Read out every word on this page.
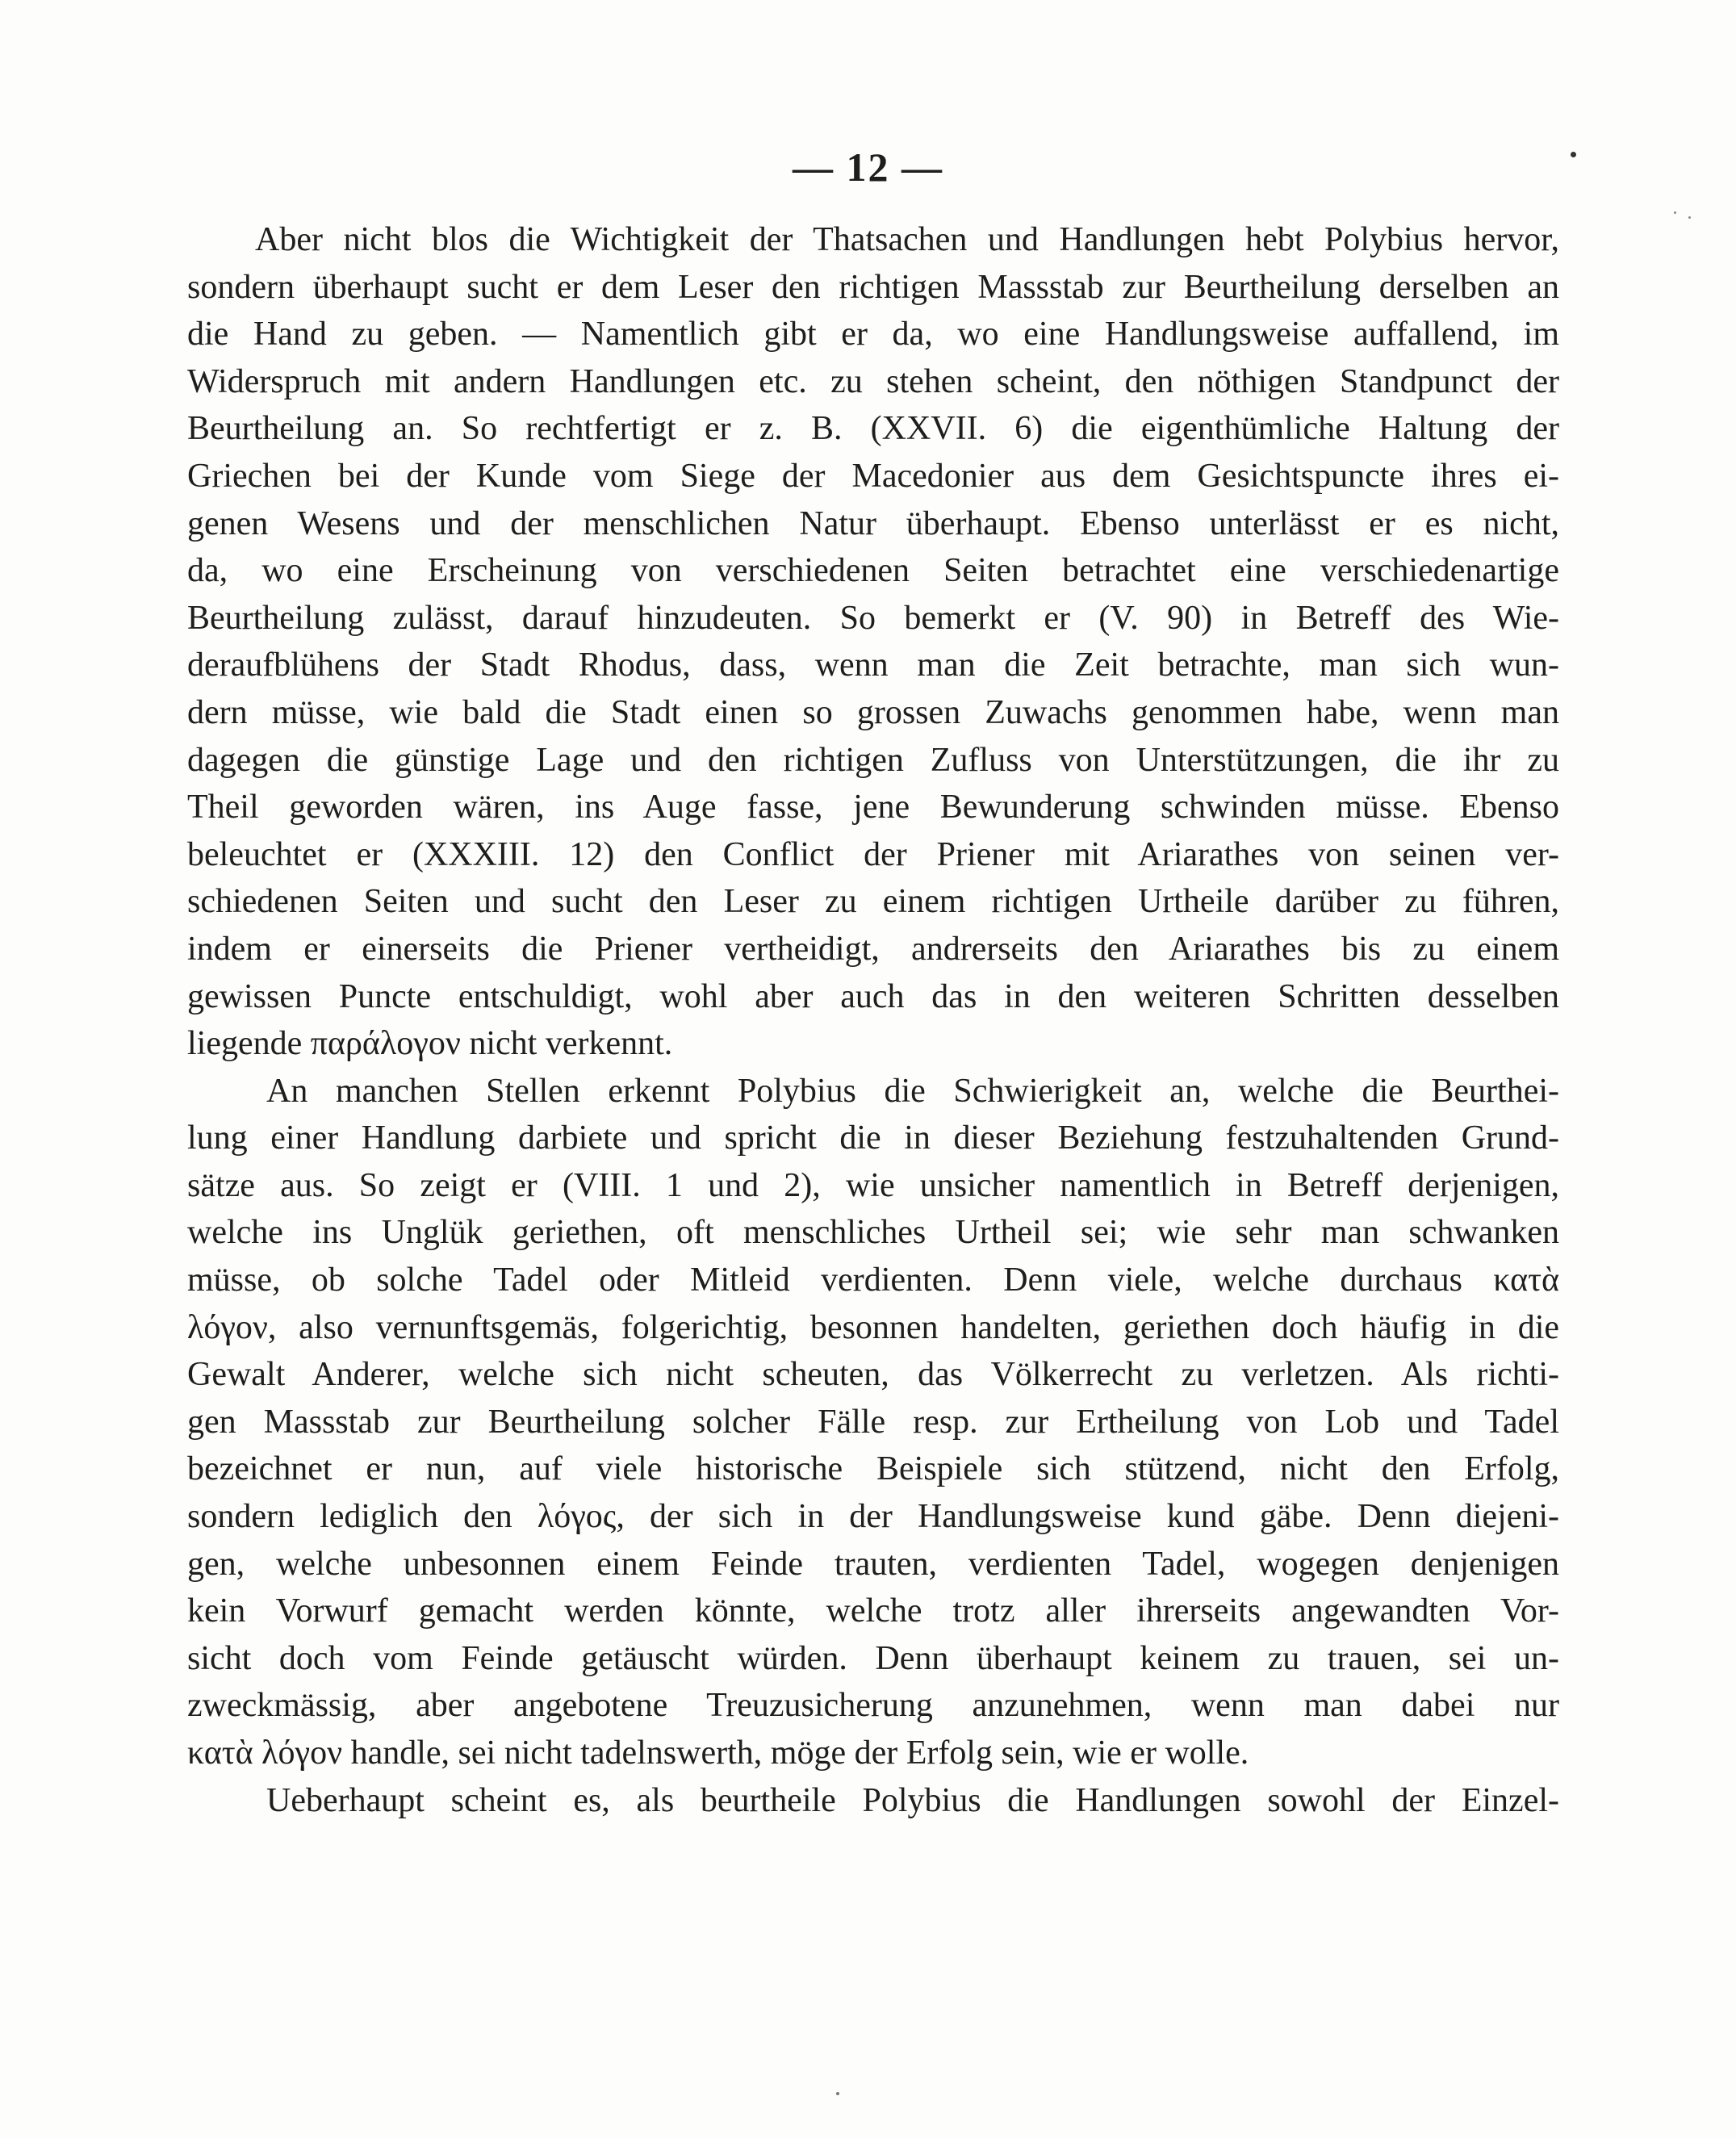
— 12 —
Aber nicht blos die Wichtigkeit der Thatsachen und Handlungen hebt Polybius hervor,
sondern überhaupt sucht er dem Leser den richtigen Massstab zur Beurtheilung derselben an
die Hand zu geben. — Namentlich gibt er da, wo eine Handlungsweise auffallend, im
Widerspruch mit andern Handlungen etc. zu stehen scheint, den nöthigen Standpunct der
Beurtheilung an. So rechtfertigt er z. B. (XXVII. 6) die eigenthümliche Haltung der
Griechen bei der Kunde vom Siege der Macedonier aus dem Gesichtspuncte ihres ei-
genen Wesens und der menschlichen Natur überhaupt. Ebenso unterlässt er es nicht,
da, wo eine Erscheinung von verschiedenen Seiten betrachtet eine verschiedenartige
Beurtheilung zulässt, darauf hinzudeuten. So bemerkt er (V. 90) in Betreff des Wie-
deraufblühens der Stadt Rhodus, dass, wenn man die Zeit betrachte, man sich wun-
dern müsse, wie bald die Stadt einen so grossen Zuwachs genommen habe, wenn man
dagegen die günstige Lage und den richtigen Zufluss von Unterstützungen, die ihr zu
Theil geworden wären, ins Auge fasse, jene Bewunderung schwinden müsse. Ebenso
beleuchtet er (XXXIII. 12) den Conflict der Priener mit Ariarathes von seinen ver-
schiedenen Seiten und sucht den Leser zu einem richtigen Urtheile darüber zu führen,
indem er einerseits die Priener vertheidigt, andrerseits den Ariarathes bis zu einem
gewissen Puncte entschuldigt, wohl aber auch das in den weiteren Schritten desselben
liegende παράλογον nicht verkennt.
An manchen Stellen erkennt Polybius die Schwierigkeit an, welche die Beurthei-
lung einer Handlung darbiete und spricht die in dieser Beziehung festzuhaltenden Grund-
sätze aus. So zeigt er (VIII. 1 und 2), wie unsicher namentlich in Betreff derjenigen,
welche ins Unglük geriethen, oft menschliches Urtheil sei; wie sehr man schwanken
müsse, ob solche Tadel oder Mitleid verdienten. Denn viele, welche durchaus κατὰ
λόγον, also vernunftsgemäs, folgerichtig, besonnen handelten, geriethen doch häufig in die
Gewalt Anderer, welche sich nicht scheuten, das Völkerrecht zu verletzen. Als richti-
gen Massstab zur Beurtheilung solcher Fälle resp. zur Ertheilung von Lob und Tadel
bezeichnet er nun, auf viele historische Beispiele sich stützend, nicht den Erfolg,
sondern lediglich den λόγος, der sich in der Handlungsweise kund gäbe. Denn diejeni-
gen, welche unbesonnen einem Feinde trauten, verdienten Tadel, wogegen denjenigen
kein Vorwurf gemacht werden könnte, welche trotz aller ihrerseits angewandten Vor-
sicht doch vom Feinde getäuscht würden. Denn überhaupt keinem zu trauen, sei un-
zweckmässig, aber angebotene Treuzusicherung anzunehmen, wenn man dabei nur
κατὰ λόγον handle, sei nicht tadelnswerth, möge der Erfolg sein, wie er wolle.
Ueberhaupt scheint es, als beurtheile Polybius die Handlungen sowohl der Einzel-
